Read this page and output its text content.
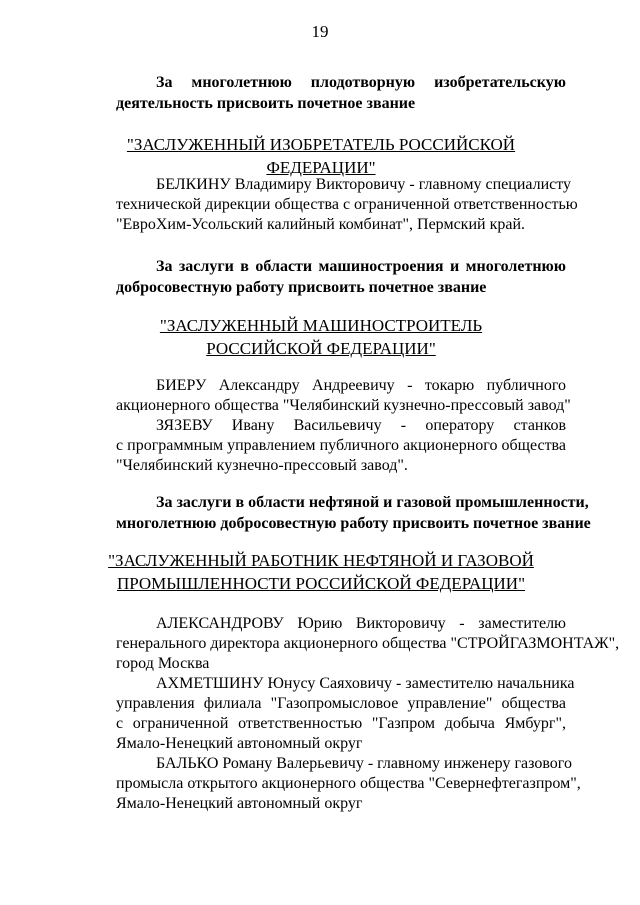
19
За многолетнюю плодотворную изобретательскую
деятельность присвоить почетное звание
"ЗАСЛУЖЕННЫЙ ИЗОБРЕТАТЕЛЬ РОССИЙСКОЙ ФЕДЕРАЦИИ"
БЕЛКИНУ Владимиру Викторовичу - главному специалисту
технической дирекции общества с ограниченной ответственностью
"ЕвроХим-Усольский калийный комбинат", Пермский край.
За заслуги в области машиностроения и многолетнюю
добросовестную работу присвоить почетное звание
"ЗАСЛУЖЕННЫЙ МАШИНОСТРОИТЕЛЬ
РОССИЙСКОЙ ФЕДЕРАЦИИ"
БИЕРУ Александру Андреевичу - токарю публичного
акционерного общества "Челябинский кузнечно-прессовый завод"
ЗЯЗЕВУ Ивану Васильевичу - оператору станков
с программным управлением публичного акционерного общества
"Челябинский кузнечно-прессовый завод".
За заслуги в области нефтяной и газовой промышленности,
многолетнюю добросовестную работу присвоить почетное звание
"ЗАСЛУЖЕННЫЙ РАБОТНИК НЕФТЯНОЙ И ГАЗОВОЙ
ПРОМЫШЛЕННОСТИ РОССИЙСКОЙ ФЕДЕРАЦИИ"
АЛЕКСАНДРОВУ Юрию Викторовичу - заместителю
генерального директора акционерного общества "СТРОЙГАЗМОНТАЖ",
город Москва
АХМЕТШИНУ Юнусу Саяховичу - заместителю начальника
управления филиала "Газопромысловое управление" общества
с ограниченной ответственностью "Газпром добыча Ямбург",
Ямало-Ненецкий автономный округ
БАЛЬКО Роману Валерьевичу - главному инженеру газового
промысла открытого акционерного общества "Севернефтегазпром",
Ямало-Ненецкий автономный округ
